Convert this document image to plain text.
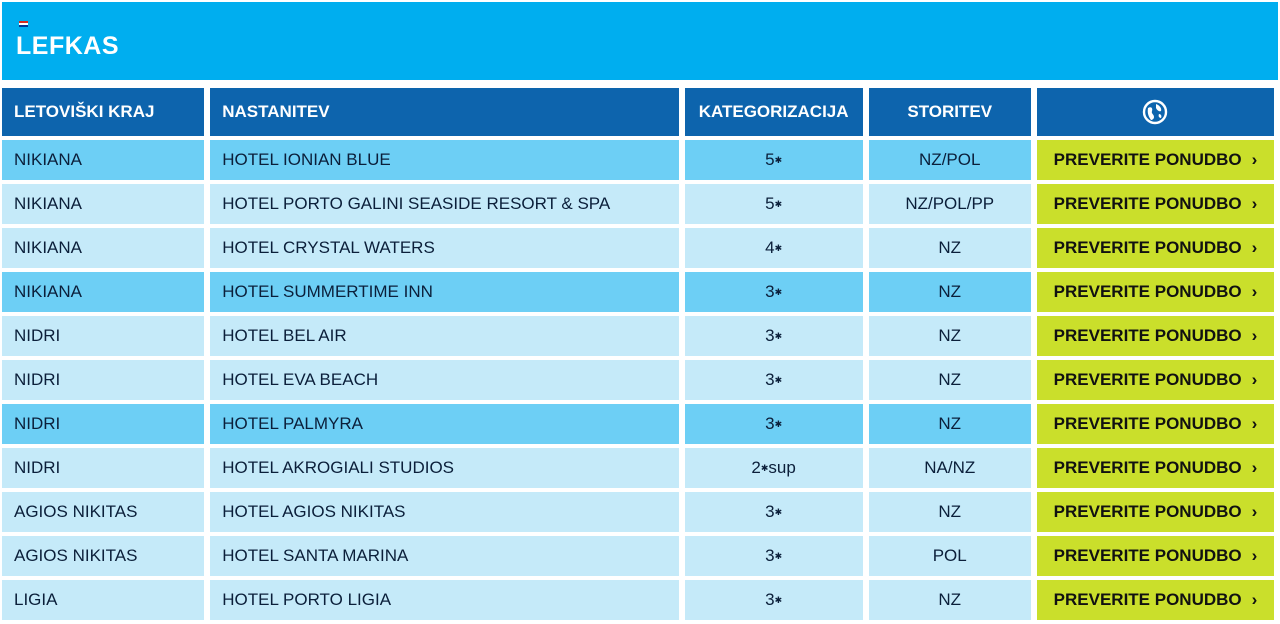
LEFKAS
LETOVIŠKI KRAJ	NASTANITEV	KATEGORIZACIJA	STORITEV	
NIKIANA	HOTEL IONIAN BLUE	5✱	NZ/POL	PREVERITE PONUDBO ›
NIKIANA	HOTEL PORTO GALINI SEASIDE RESORT & SPA	5✱	NZ/POL/PP	PREVERITE PONUDBO ›
NIKIANA	HOTEL CRYSTAL WATERS	4✱	NZ	PREVERITE PONUDBO ›
NIKIANA	HOTEL SUMMERTIME INN	3✱	NZ	PREVERITE PONUDBO ›
NIDRI	HOTEL BEL AIR	3✱	NZ	PREVERITE PONUDBO ›
NIDRI	HOTEL EVA BEACH	3✱	NZ	PREVERITE PONUDBO ›
NIDRI	HOTEL PALMYRA	3✱	NZ	PREVERITE PONUDBO ›
NIDRI	HOTEL AKROGIALI STUDIOS	2✱sup	NA/NZ	PREVERITE PONUDBO ›
AGIOS NIKITAS	HOTEL AGIOS NIKITAS	3✱	NZ	PREVERITE PONUDBO ›
AGIOS NIKITAS	HOTEL SANTA MARINA	3✱	POL	PREVERITE PONUDBO ›
LIGIA	HOTEL PORTO LIGIA	3✱	NZ	PREVERITE PONUDBO ›
